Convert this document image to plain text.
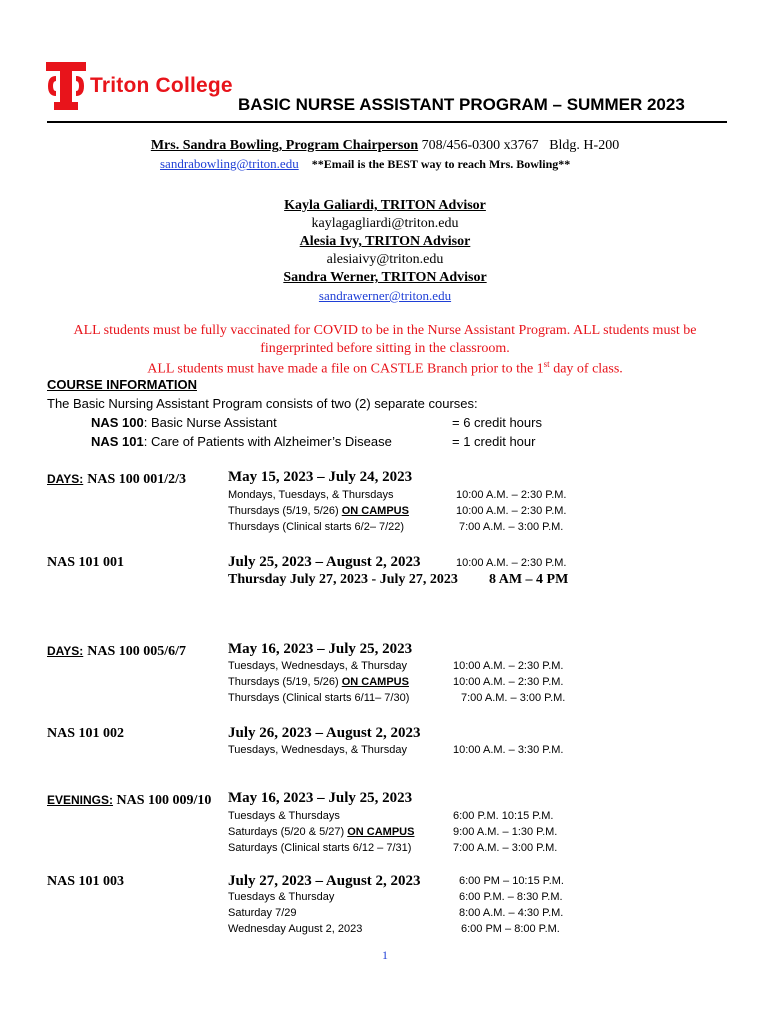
Triton College
BASIC NURSE ASSISTANT PROGRAM – SUMMER 2023
Mrs. Sandra Bowling, Program Chairperson 708/456-0300 x3767 Bldg. H-200
sandrabowling@triton.edu **Email is the BEST way to reach Mrs. Bowling**
Kayla Galiardi, TRITON Advisor
kaylagagliardi@triton.edu
Alesia Ivy, TRITON Advisor
alesiaivy@triton.edu
Sandra Werner, TRITON Advisor
sandrawerner@triton.edu
ALL students must be fully vaccinated for COVID to be in the Nurse Assistant Program. ALL students must be
fingerprinted before sitting in the classroom.
ALL students must have made a file on CASTLE Branch prior to the 1st day of class.
COURSE INFORMATION
The Basic Nursing Assistant Program consists of two (2) separate courses:
NAS 100: Basic Nurse Assistant	= 6 credit hours
NAS 101: Care of Patients with Alzheimer’s Disease	= 1 credit hour
DAYS: NAS 100 001/2/3	May 15, 2023 – July 24, 2023
Mondays, Tuesdays, & Thursdays	10:00 A.M. – 2:30 P.M.
Thursdays (5/19, 5/26) ON CAMPUS	10:00 A.M. – 2:30 P.M.
Thursdays (Clinical starts 6/2– 7/22)	7:00 A.M. – 3:00 P.M.
NAS 101 001	July 25, 2023 – August 2, 2023	10:00 A.M. – 2:30 P.M.
Thursday July 27, 2023 - July 27, 2023 8 AM – 4 PM
DAYS: NAS 100 005/6/7	May 16, 2023 – July 25, 2023
Tuesdays, Wednesdays, & Thursday	10:00 A.M. – 2:30 P.M.
Thursdays (5/19, 5/26) ON CAMPUS	10:00 A.M. – 2:30 P.M.
Thursdays (Clinical starts 6/11– 7/30)	7:00 A.M. – 3:00 P.M.
NAS 101 002	July 26, 2023 – August 2, 2023
Tuesdays, Wednesdays, & Thursday	10:00 A.M. – 3:30 P.M.
EVENINGS: NAS 100 009/10 May 16, 2023 – July 25, 2023
Tuesdays & Thursdays	6:00 P.M. 10:15 P.M.
Saturdays (5/20 & 5/27) ON CAMPUS	9:00 A.M. – 1:30 P.M.
Saturdays (Clinical starts 6/12 – 7/31)	7:00 A.M. – 3:00 P.M.
NAS 101 003	July 27, 2023 – August 2, 2023	6:00 PM – 10:15 P.M.
Tuesdays & Thursday	6:00 P.M. – 8:30 P.M.
Saturday 7/29	8:00 A.M. – 4:30 P.M.
Wednesday August 2, 2023	6:00 PM – 8:00 P.M.
1
